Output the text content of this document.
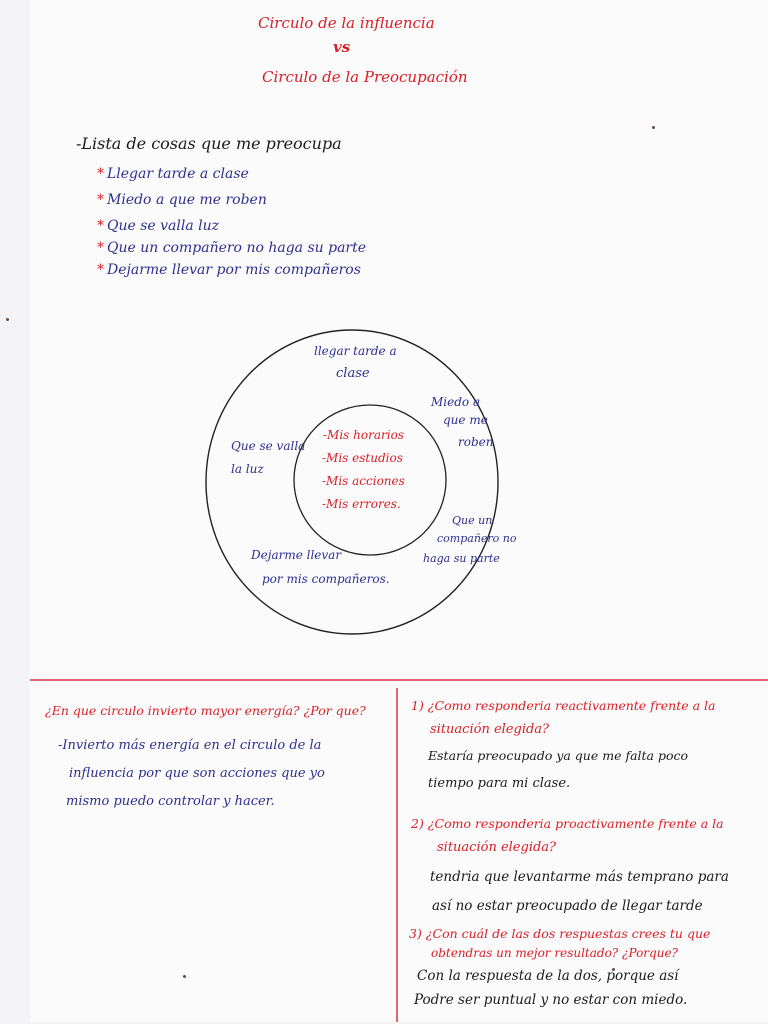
Circulo de la influencia
vs
Circulo de la Preocupación
-Lista de cosas que me preocupa
* Llegar tarde a clase
* Miedo a que me roben
* Que se valla luz
* Que un compañero no haga su parte
* Dejarme llevar por mis compañeros
llegar tarde a
clase
Miedo a
que me
roben
Que se valla
la luz
Que un
compañero no
haga su parte
Dejarme llevar
por mis compañeros.
-Mis horarios
-Mis estudios
-Mis acciones
-Mis errores.
¿En que circulo invierto mayor energía? ¿Por que?
-Invierto más energía en el circulo de la
influencia por que son acciones que yo
mismo puedo controlar y hacer.
1) ¿Como responderia reactivamente frente a la
situación elegida?
Estaría preocupado ya que me falta poco
tiempo para mi clase.
2) ¿Como responderia proactivamente frente a la
situación elegida?
tendria que levantarme más temprano para
así no estar preocupado de llegar tarde
3) ¿Con cuál de las dos respuestas crees tu que
obtendras un mejor resultado? ¿Porque?
Con la respuesta de la dos, porque así
Podre ser puntual y no estar con miedo.
